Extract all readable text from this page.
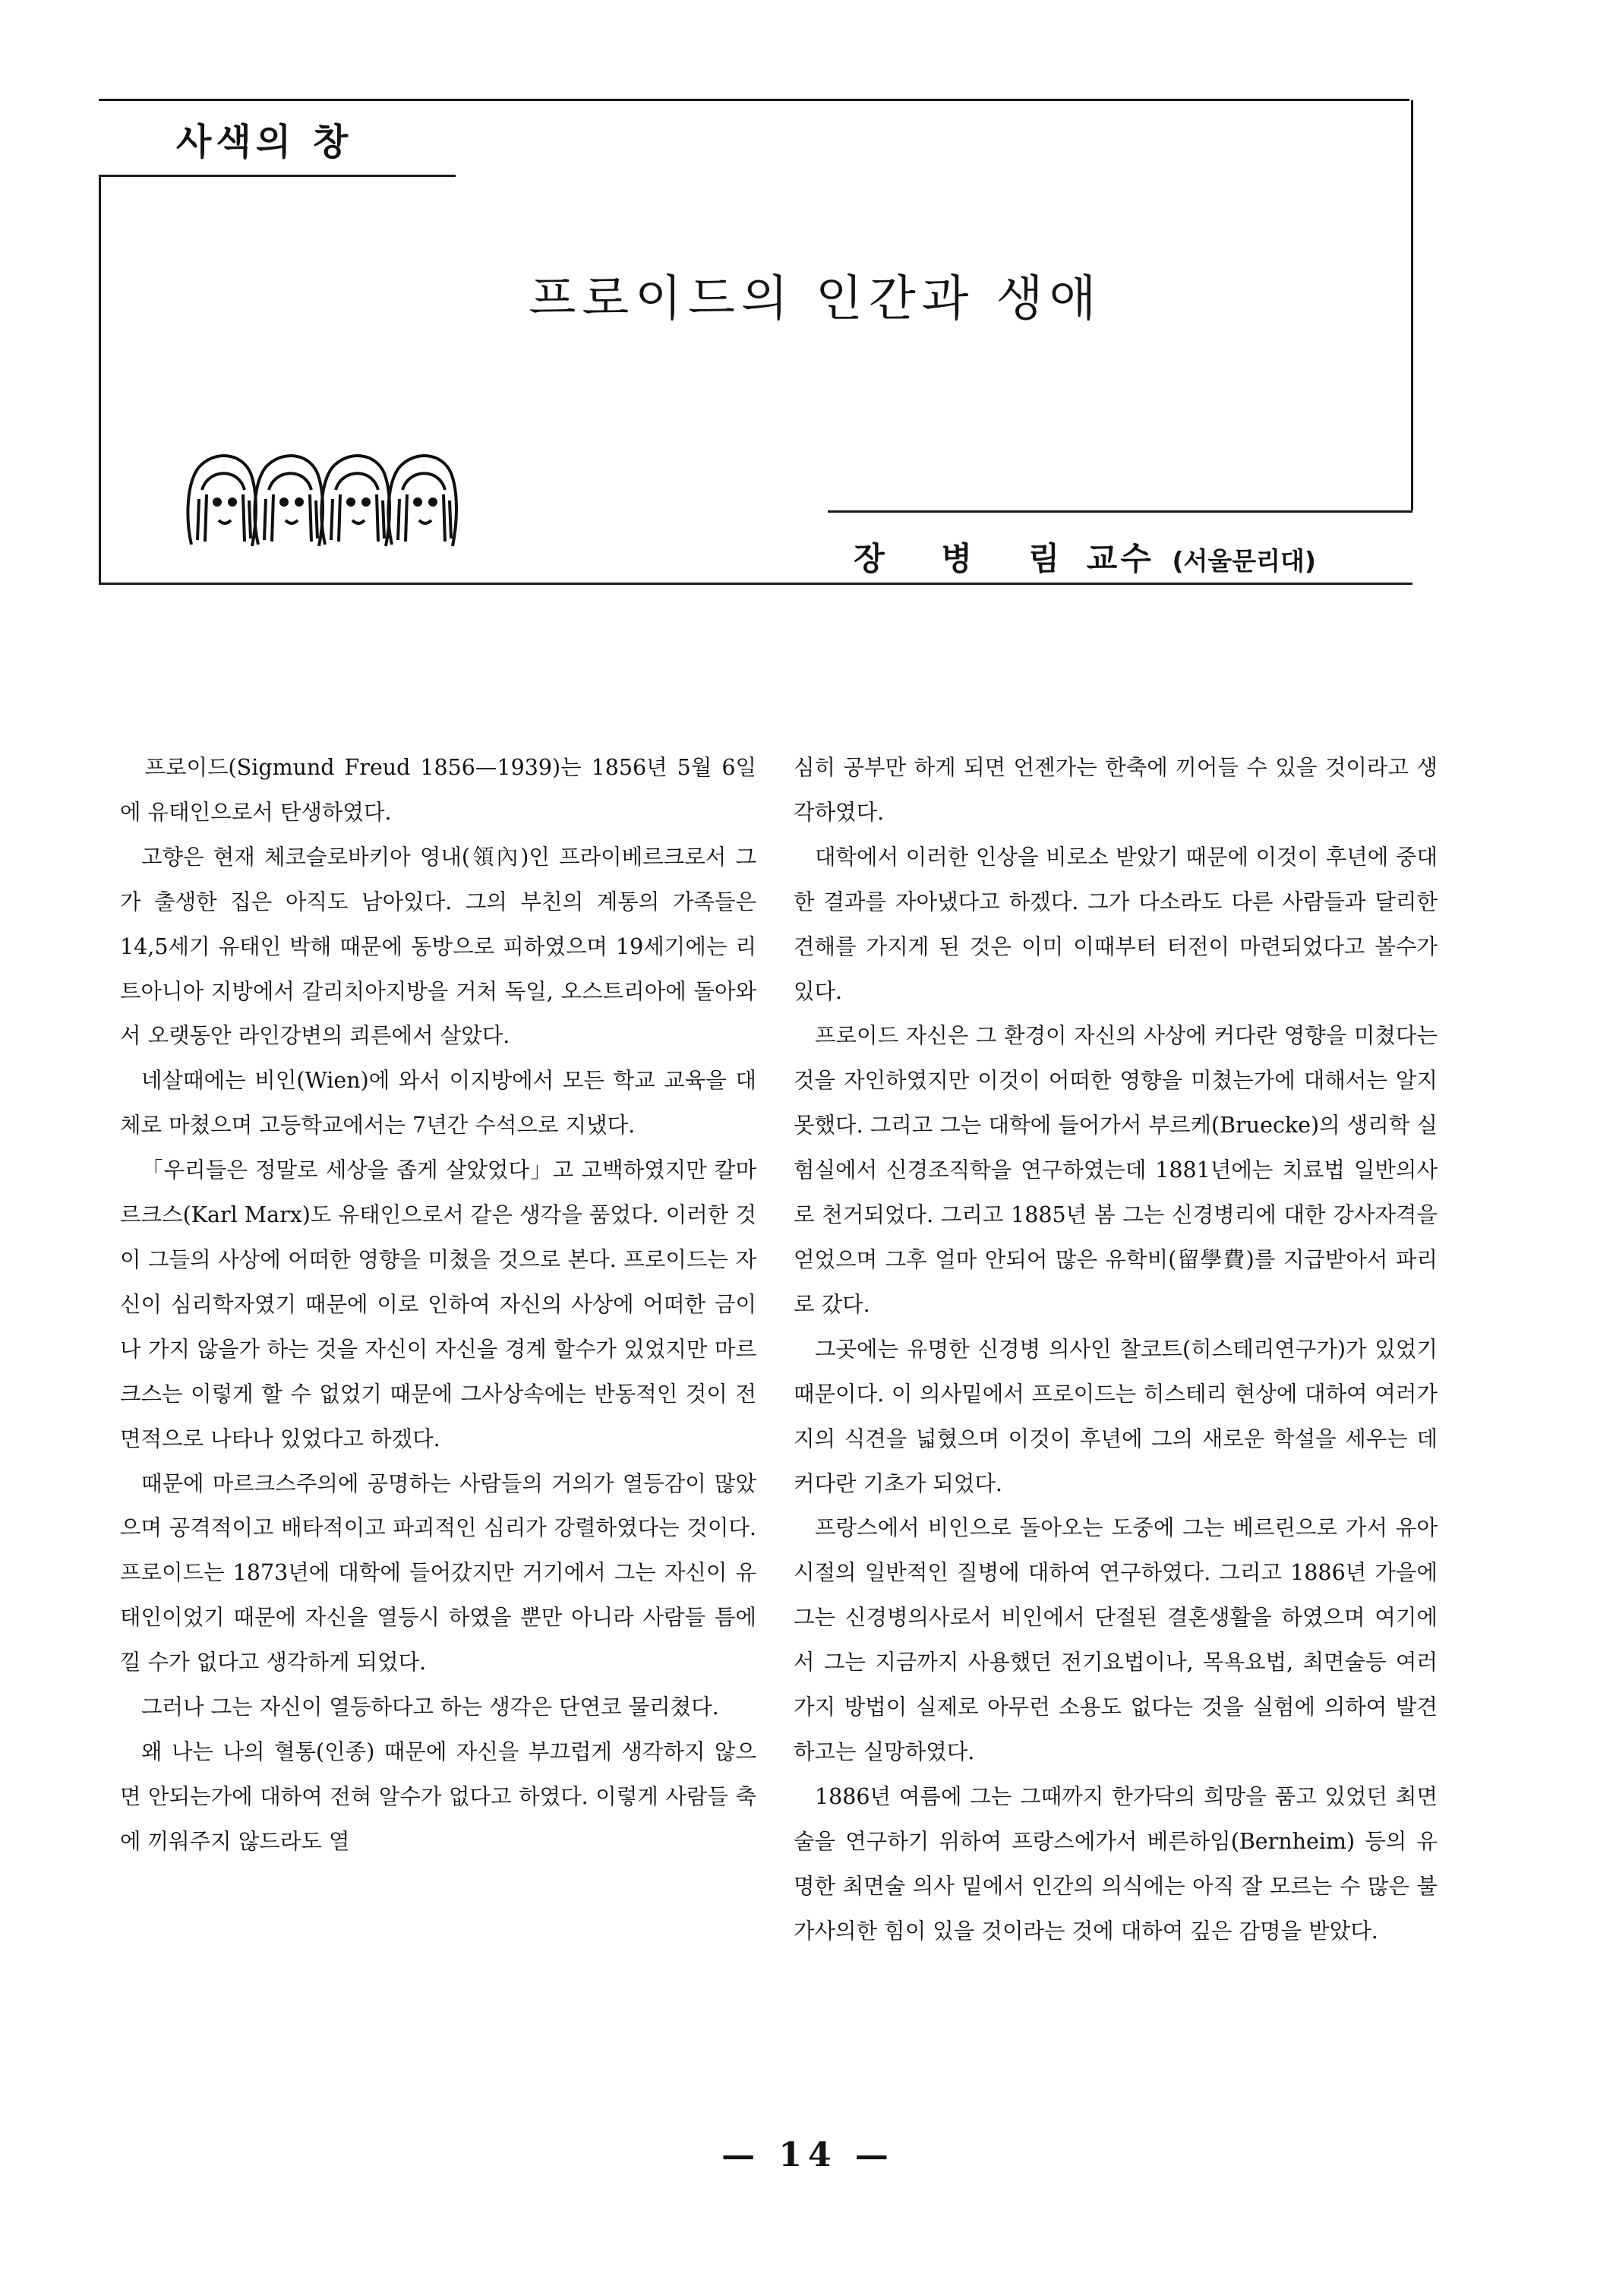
사색의 창
프로이드의 인간과 생애
장 병 림 교수 (서울문리대)

　프로이드(Sigmund Freud 1856—1939)는 1856년 5월 6일에 유태인으로서 탄생하였다.

고향은 현재 체코슬로바키아 영내(領內)인 프라이베르크로서 그가 출생한 집은 아직도 남아있다. 그의 부친의 계통의 가족들은 14,5세기 유태인 박해 때문에 동방으로 피하였으며 19세기에는 리트아니아 지방에서 갈리치아지방을 거처 독일, 오스트리아에 돌아와서 오랫동안 라인강변의 쾨른에서 살았다.

네살때에는 비인(Wien)에 와서 이지방에서 모든 학교 교육을 대체로 마쳤으며 고등학교에서는 7년간 수석으로 지냈다.

「우리들은 정말로 세상을 좁게 살았었다」고 고백하였지만 칼마르크스(Karl Marx)도 유태인으로서 같은 생각을 품었다. 이러한 것이 그들의 사상에 어떠한 영향을 미쳤을 것으로 본다. 프로이드는 자신이 심리학자였기 때문에 이로 인하여 자신의 사상에 어떠한 금이나 가지 않을가 하는 것을 자신이 자신을 경계 할수가 있었지만 마르크스는 이렇게 할 수 없었기 때문에 그사상속에는 반동적인 것이 전면적으로 나타나 있었다고 하겠다.

때문에 마르크스주의에 공명하는 사람들의 거의가 열등감이 많았으며 공격적이고 배타적이고 파괴적인 심리가 강렬하였다는 것이다. 프로이드는 1873년에 대학에 들어갔지만 거기에서 그는 자신이 유태인이었기 때문에 자신을 열등시 하였을 뿐만 아니라 사람들 틈에 낄 수가 없다고 생각하게 되었다.

그러나 그는 자신이 열등하다고 하는 생각은 단연코 물리쳤다.

왜 나는 나의 혈통(인종) 때문에 자신을 부끄럽게 생각하지 않으면 안되는가에 대하여 전혀 알수가 없다고 하였다. 이렇게 사람들 축에 끼워주지 않드라도 열

심히 공부만 하게 되면 언젠가는 한축에 끼어들 수 있을 것이라고 생각하였다.

대학에서 이러한 인상을 비로소 받았기 때문에 이것이 후년에 중대한 결과를 자아냈다고 하겠다. 그가 다소라도 다른 사람들과 달리한 견해를 가지게 된 것은 이미 이때부터 터전이 마련되었다고 볼수가 있다.

프로이드 자신은 그 환경이 자신의 사상에 커다란 영향을 미쳤다는 것을 자인하였지만 이것이 어떠한 영향을 미쳤는가에 대해서는 알지 못했다. 그리고 그는 대학에 들어가서 부르케(Bruecke)의 생리학 실험실에서 신경조직학을 연구하였는데 1881년에는 치료법 일반의사로 천거되었다. 그리고 1885년 봄 그는 신경병리에 대한 강사자격을 얻었으며 그후 얼마 안되어 많은 유학비(留學費)를 지급받아서 파리로 갔다.

그곳에는 유명한 신경병 의사인 찰코트(히스테리연구가)가 있었기 때문이다. 이 의사밑에서 프로이드는 히스테리 현상에 대하여 여러가지의 식견을 넓혔으며 이것이 후년에 그의 새로운 학설을 세우는 데 커다란 기초가 되었다.

프랑스에서 비인으로 돌아오는 도중에 그는 베르린으로 가서 유아시절의 일반적인 질병에 대하여 연구하였다. 그리고 1886년 가을에 그는 신경병의사로서 비인에서 단절된 결혼생활을 하였으며 여기에서 그는 지금까지 사용했던 전기요법이나, 목욕요법, 최면술등 여러가지 방법이 실제로 아무런 소용도 없다는 것을 실험에 의하여 발견하고는 실망하였다.

1886년 여름에 그는 그때까지 한가닥의 희망을 품고 있었던 최면술을 연구하기 위하여 프랑스에가서 베른하임(Bernheim) 등의 유명한 최면술 의사 밑에서 인간의 의식에는 아직 잘 모르는 수 많은 불가사의한 힘이 있을 것이라는 것에 대하여 깊은 감명을 받았다.

— 14 —
